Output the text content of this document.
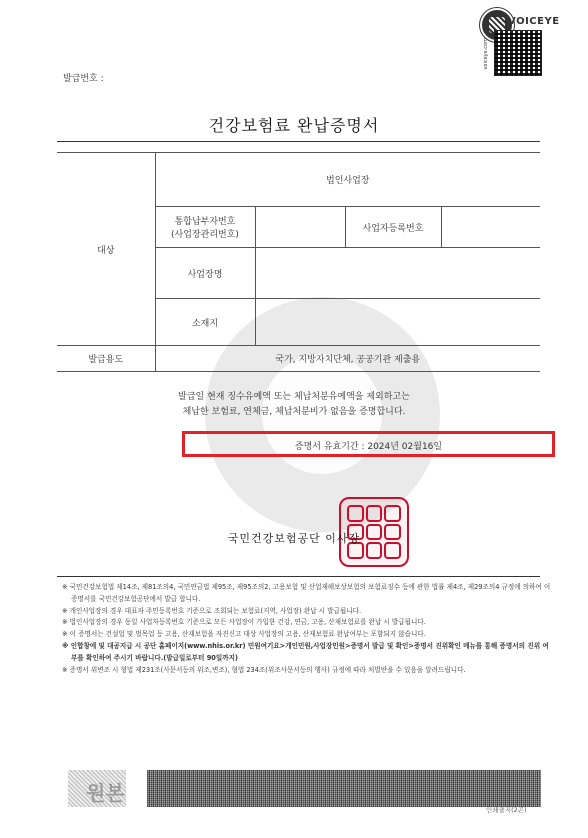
발급번호 :
VOICEYE
voiceye.com
건강보험료 완납증명서
대상	법인사업장			

	통합납부자번호
(사업장관리번호)		사업자등록번호	
	사업장명			
	소재지			
발급용도	국가, 지방자치단체, 공공기관 제출용			
발급일 현재 징수유예액 또는 체납처분유예액을 제외하고는
체납한 보험료, 연체금, 체납처분비가 없음을 증명합니다.
증명서 유효기간 : 2024년 02월16일
국민건강보험공단 이사장

※ 국민건강보험법 제14조, 제81조의4, 국민연금법 제95조, 제95조의2, 고용보험 및 산업재해보상보험의 보험료징수 등에 관한 법률 제4조, 제29조의4 규정에 의하여 이 증명서를 국민건강보험공단에서 발급 합니다.

※ 개인사업장의 경우 대표자 주민등록번호 기준으로 조회되는 보험료(지역, 사업장) 완납 시 발급됩니다.

※ 법인사업장의 경우 동일 사업자등록번호 기준으로 모든 사업장이 가입한 건강, 연금, 고용, 산재보험료를 완납 시 발급됩니다.

※ 이 증명서는 건설업 및 벌목업 등 고용, 산재보험을 자진신고 대상 사업장의 고용, 산재보험료 완납여부는 포함되지 않습니다.

※ 인합창에 및 대공지급 시 공단 홈페이지(www.nhis.or.kr) 민원여기요>개인민원,사업장민원>증명서 발급 및 확인>증명서 진위확인 메뉴를 통해 증명서의 진위 여부를 확인하여 주시기 바랍니다.(발급일로부터 90일까지)

※ 증명서 위변조 시 형법 제231조(사문서등의 위조,변조), 형법 234조(위조사문서등의 행사) 규정에 따라 처벌받을 수 있음을 알려드립니다.

원본
인쇄출지(2곤)
